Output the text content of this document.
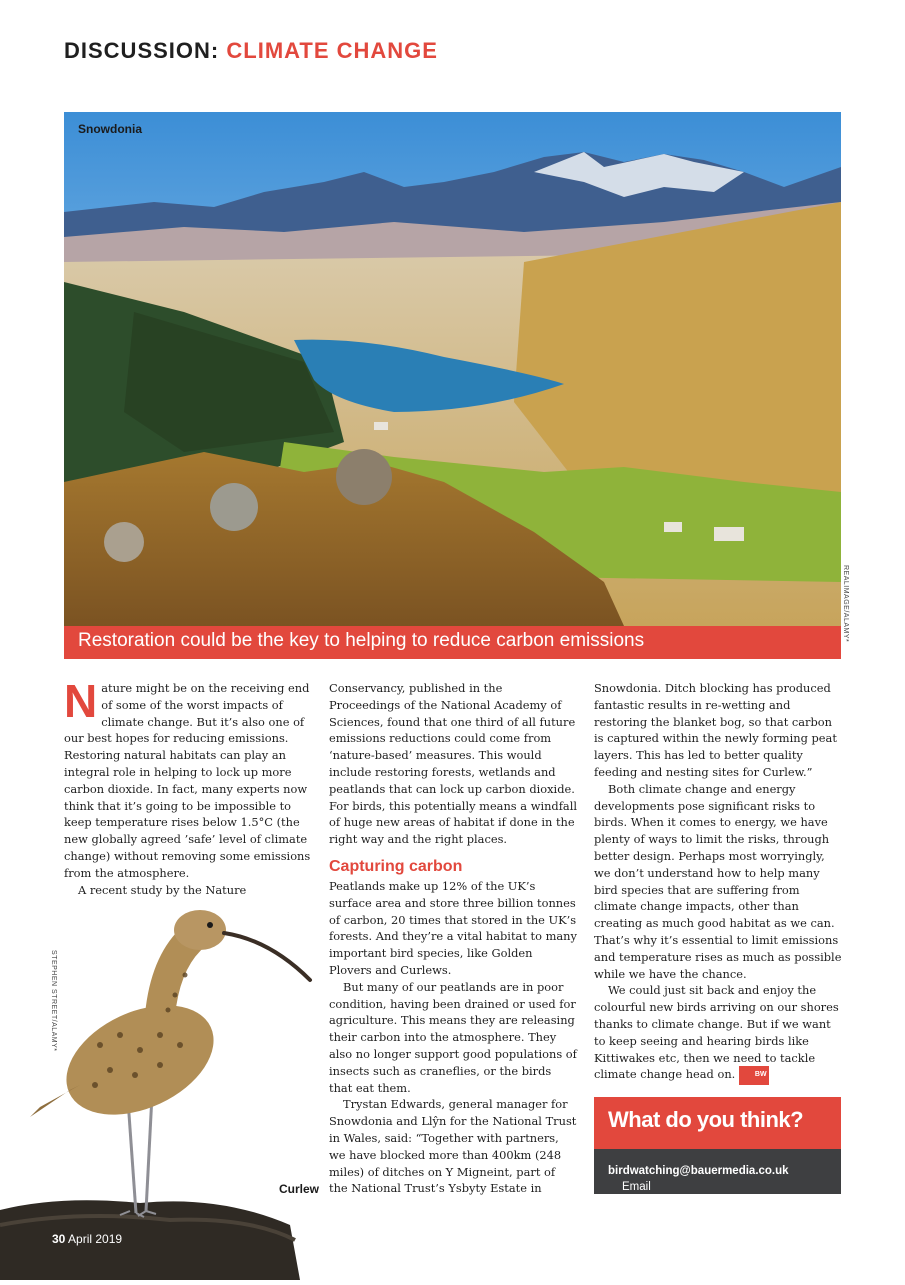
DISCUSSION: CLIMATE CHANGE
Snowdonia
REALIMAGE/ALAMY*
Restoration could be the key to helping to reduce carbon emissions

Nature might be on the receiving end of some of the worst impacts of climate change. But it’s also one of our best hopes for reducing emissions. Restoring natural habitats can play an integral role in helping to lock up more carbon dioxide. In fact, many experts now think that it’s going to be impossible to keep temperature rises below 1.5°C (the new globally agreed ’safe’ level of climate change) without removing some emissions from the atmosphere.

A recent study by the Nature

Conservancy, published in the Proceedings of the National Academy of Sciences, found that one third of all future emissions reductions could come from ‘nature-based’ measures. This would include restoring forests, wetlands and peatlands that can lock up carbon dioxide. For birds, this potentially means a windfall of huge new areas of habitat if done in the right way and the right places.

Capturing carbon

Peatlands make up 12% of the UK’s surface area and store three billion tonnes of carbon, 20 times that stored in the UK’s forests. And they’re a vital habitat to many important bird species, like Golden Plovers and Curlews.

But many of our peatlands are in poor condition, having been drained or used for agriculture. This means they are releasing their carbon into the atmosphere. They also no longer support good populations of insects such as craneflies, or the birds that eat them.

Trystan Edwards, general manager for Snowdonia and Llŷn for the National Trust in Wales, said: “Together with partners, we have blocked more than 400km (248 miles) of ditches on Y Migneint, part of the National Trust’s Ysbyty Estate in

Snowdonia. Ditch blocking has produced fantastic results in re-wetting and restoring the blanket bog, so that carbon is captured within the newly forming peat layers. This has led to better quality feeding and nesting sites for Curlew.”

Both climate change and energy developments pose significant risks to birds. When it comes to energy, we have plenty of ways to limit the risks, through better design. Perhaps most worryingly, we don’t understand how to help many bird species that are suffering from climate change impacts, other than creating as much good habitat as we can. That’s why it’s essential to limit emissions and temperature rises as much as possible while we have the chance.

We could just sit back and enjoy the colourful new birds arriving on our shores thanks to climate change. But if we want to keep seeing and hearing birds like Kittiwakes etc, then we need to tackle climate change head on.	BW

STEPHEN STREET/ALAMY*
Curlew
30 April 2019
What do you think?
Email
birdwatching@bauermedia.co.uk
